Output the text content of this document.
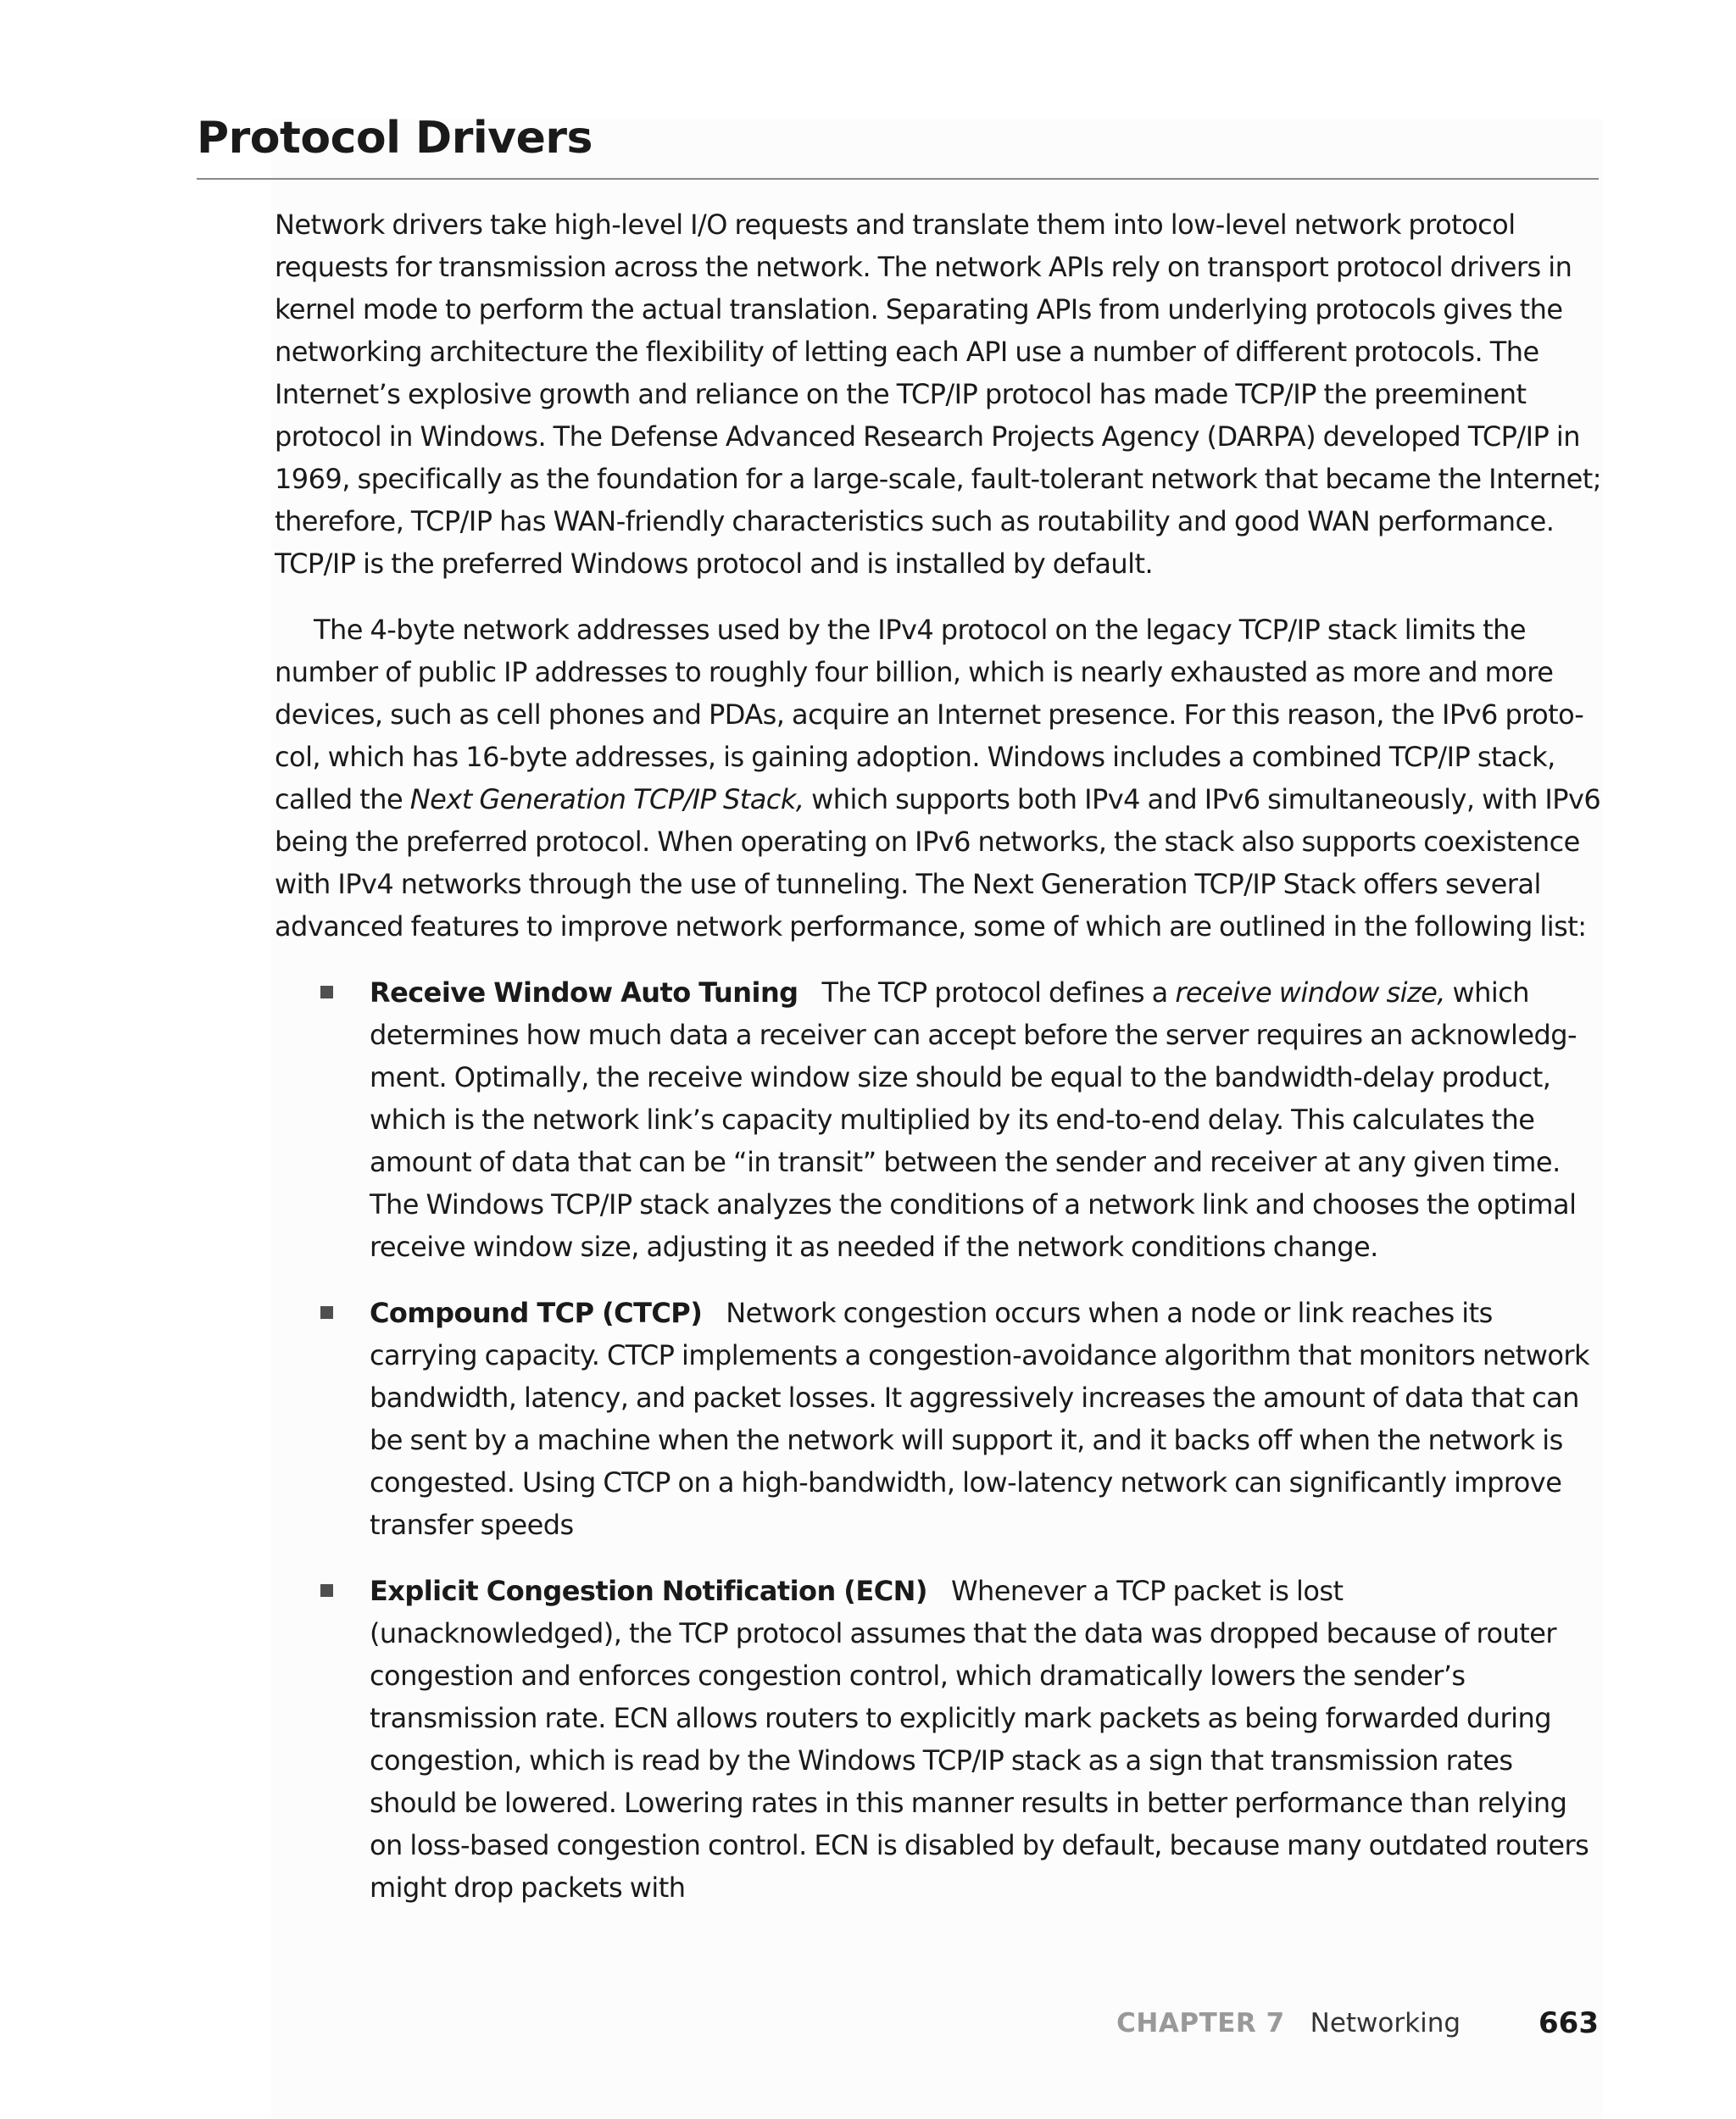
Protocol Drivers

Network drivers take high-level I/O requests and translate them into low-level network protocol requests for transmission across the network. The network APIs rely on transport protocol drivers in kernel mode to perform the actual translation. Separating APIs from underlying protocols gives the networking architecture the flexibility of letting each API use a number of different protocols. The Internet’s explosive growth and reliance on the TCP/IP protocol has made TCP/IP the preeminent protocol in Windows. The Defense Advanced Research Projects Agency (DARPA) developed TCP/IP in 1969, specifically as the foundation for a large-scale, fault-tolerant network that became the Internet; therefore, TCP/IP has WAN-friendly characteristics such as routability and good WAN performance. TCP/IP is the preferred Windows protocol and is installed by default.

The 4-byte network addresses used by the IPv4 protocol on the legacy TCP/IP stack limits the number of public IP addresses to roughly four billion, which is nearly exhausted as more and more devices, such as cell phones and PDAs, acquire an Internet presence. For this reason, the IPv6 protocol, which has 16-byte addresses, is gaining adoption. Windows includes a combined TCP/IP stack, called the Next Generation TCP/IP Stack, which supports both IPv4 and IPv6 simultaneously, with IPv6 being the preferred protocol. When operating on IPv6 networks, the stack also supports coexistence with IPv4 networks through the use of tunneling. The Next Generation TCP/IP Stack offers several advanced features to improve network performance, some of which are outlined in the following list:

Receive Window Auto Tuning The TCP protocol defines a receive window size, which determines how much data a receiver can accept before the server requires an acknowledgment. Optimally, the receive window size should be equal to the bandwidth-delay product, which is the network link’s capacity multiplied by its end-to-end delay. This calculates the amount of data that can be “in transit” between the sender and receiver at any given time. The Windows TCP/IP stack analyzes the conditions of a network link and chooses the optimal receive window size, adjusting it as needed if the network conditions change.
Compound TCP (CTCP) Network congestion occurs when a node or link reaches its carrying capacity. CTCP implements a congestion-avoidance algorithm that monitors network bandwidth, latency, and packet losses. It aggressively increases the amount of data that can be sent by a machine when the network will support it, and it backs off when the network is congested. Using CTCP on a high-bandwidth, low-latency network can significantly improve transfer speeds
Explicit Congestion Notification (ECN) Whenever a TCP packet is lost (unacknowledged), the TCP protocol assumes that the data was dropped because of router congestion and enforces congestion control, which dramatically lowers the sender’s transmission rate. ECN allows routers to explicitly mark packets as being forwarded during congestion, which is read by the Windows TCP/IP stack as a sign that transmission rates should be lowered. Lowering rates in this manner results in better performance than relying on loss-based congestion control. ECN is disabled by default, because many outdated routers might drop packets with
CHAPTER 7 Networking	663
